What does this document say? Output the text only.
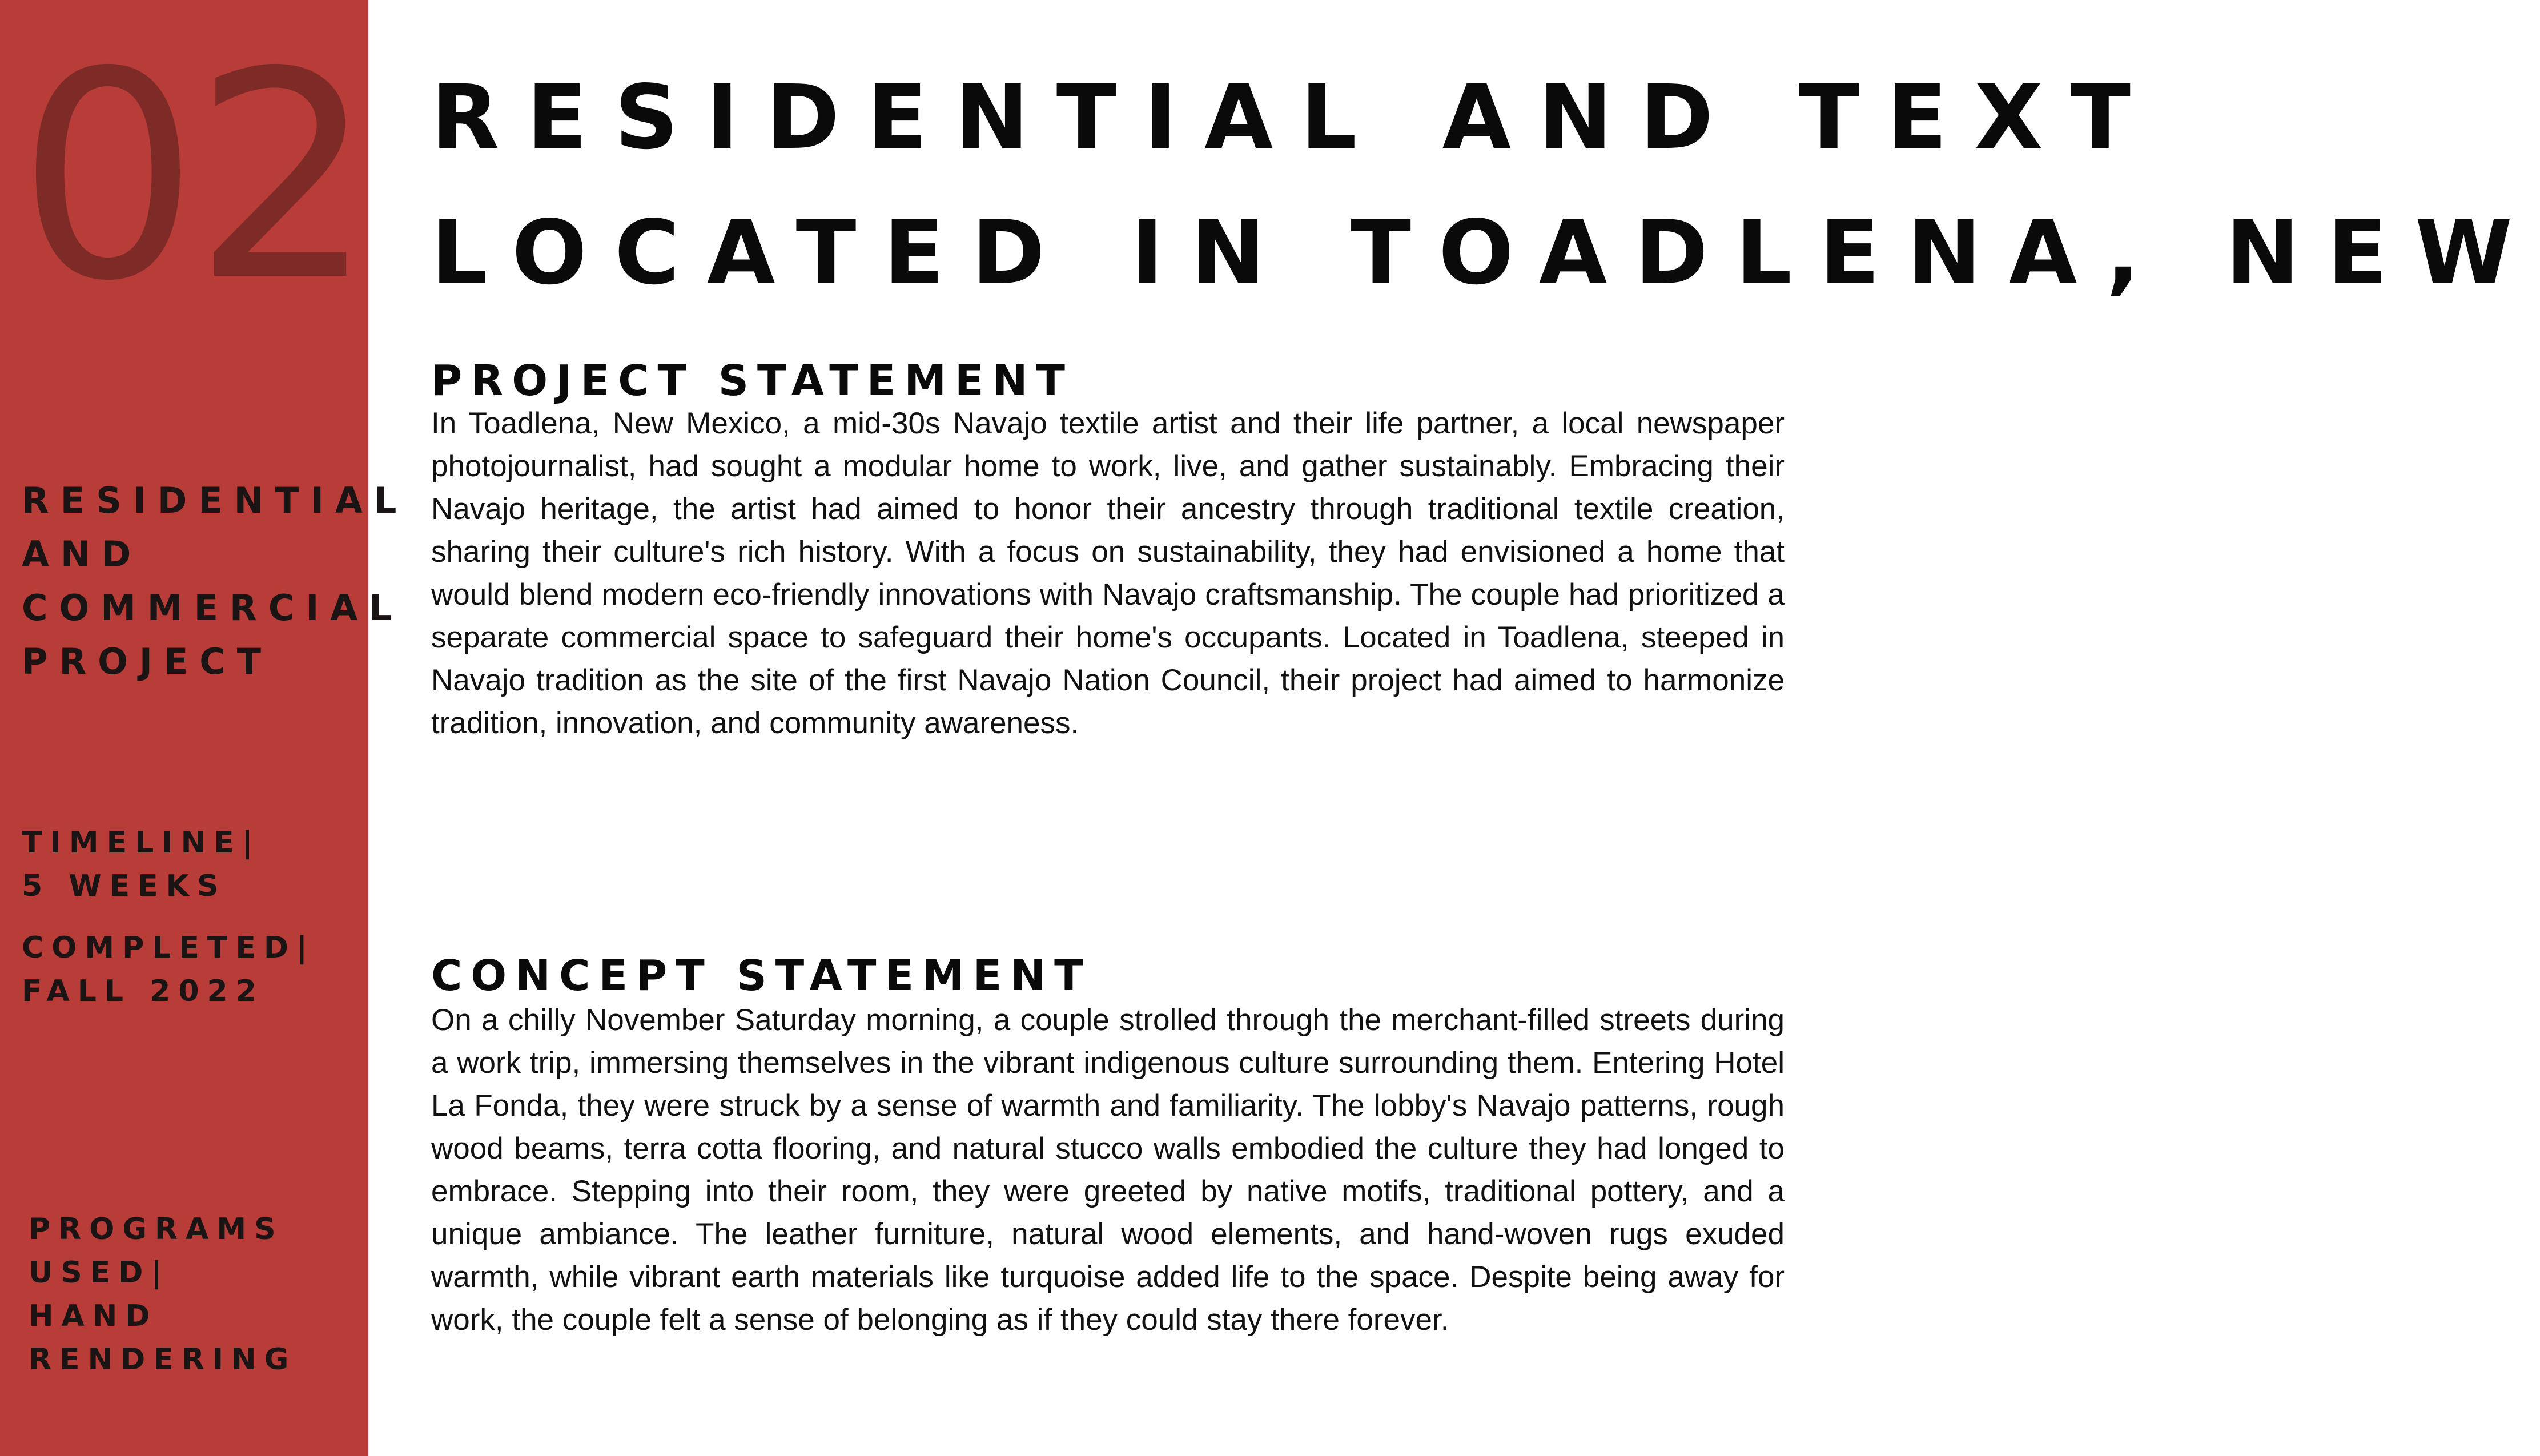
02
RESIDENTIAL
AND
COMMERCIAL
PROJECT
TIMELINE|
5 WEEKS
COMPLETED|
FALL 2022
PROGRAMS
USED|
HAND
RENDERING
RESIDENTIAL AND TEXT
LOCATED IN TOADLENA, NEW
PROJECT STATEMENT

In Toadlena, New Mexico, a mid-30s Navajo textile artist and their life partner, a local newspaper photojournalist, had sought a modular home to work, live, and gather sustainably. Embracing their Navajo heritage, the artist had aimed to honor their ancestry through traditional textile creation, sharing their culture's rich history. With a focus on sustainability, they had envisioned a home that would blend modern eco-friendly innovations with Navajo craftsmanship. The couple had prioritized a separate commercial space to safeguard their home's occupants. Located in Toadlena, steeped in Navajo tradition as the site of the first Navajo Nation Council, their project had aimed to harmonize tradition, innovation, and community awareness.

CONCEPT STATEMENT

On a chilly November Saturday morning, a couple strolled through the merchant-filled streets during a work trip, immersing themselves in the vibrant indigenous culture surrounding them. Entering Hotel La Fonda, they were struck by a sense of warmth and familiarity. The lobby's Navajo patterns, rough wood beams, terra cotta flooring, and natural stucco walls embodied the culture they had longed to embrace. Stepping into their room, they were greeted by native motifs, traditional pottery, and a unique ambiance. The leather furniture, natural wood elements, and hand-woven rugs exuded warmth, while vibrant earth materials like turquoise added life to the space. Despite being away for work, the couple felt a sense of belonging as if they could stay there forever.
